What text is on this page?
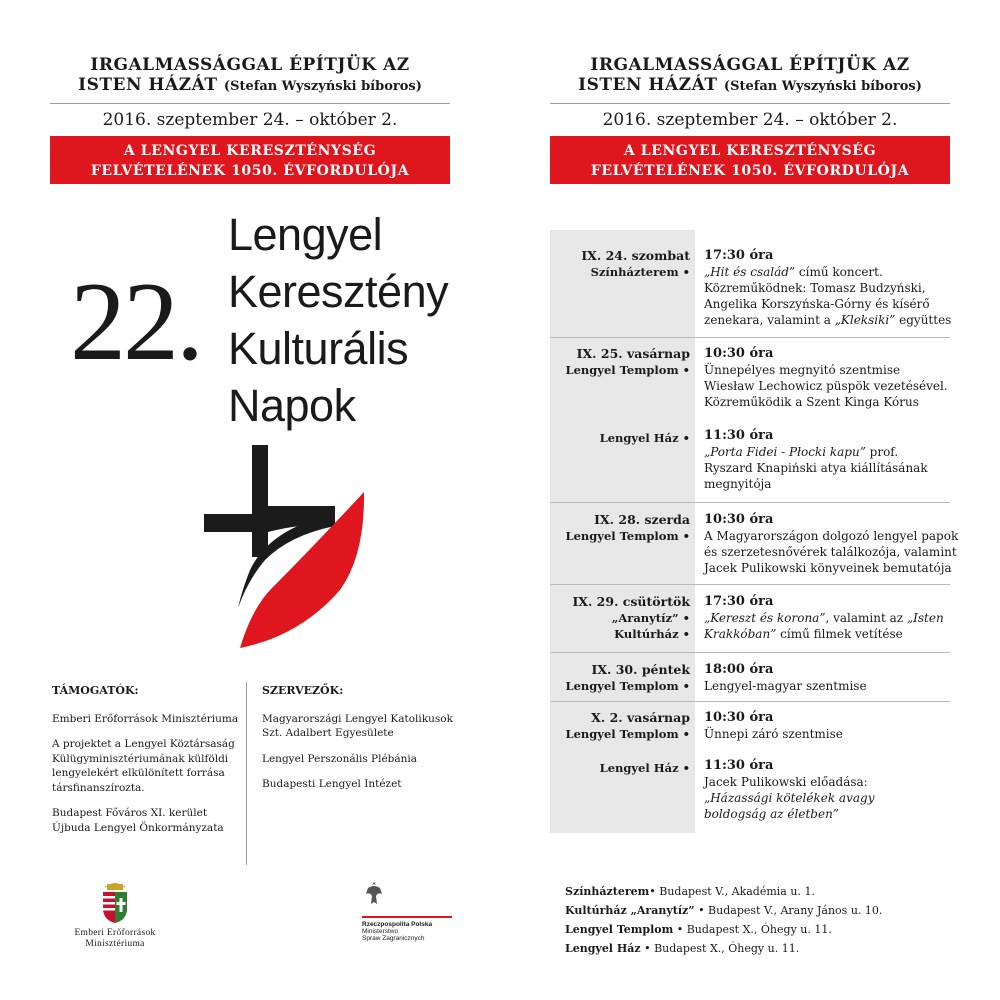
IRGALMASSÁGGAL ÉPÍTJÜK AZ
ISTEN HÁZÁT (Stefan Wyszyński bíboros)
2016. szeptember 24. – október 2.
A LENGYEL KERESZTÉNYSÉG
FELVÉTELÉNEK 1050. ÉVFORDULÓJA
22.
Lengyel
Keresztény
Kulturális
Napok
TÁMOGATÓK:
Emberi Erőforrások Minisztériuma
A projektet a Lengyel Köztársaság
Külügyminisztériumának külföldi
lengyelekért elkülönített forrása
társfinanszírozta.
Budapest Főváros XI. kerület
Újbuda Lengyel Önkormányzata
SZERVEZŐK:
Magyarországi Lengyel Katolikusok
Szt. Adalbert Egyesülete
Lengyel Perszonális Plébánia
Budapesti Lengyel Intézet
Emberi Erőforrások
Minisztériuma
Rzeczpospolita Polska
Ministerstwo
Spraw Zagranicznych
IRGALMASSÁGGAL ÉPÍTJÜK AZ
ISTEN HÁZÁT (Stefan Wyszyński bíboros)
2016. szeptember 24. – október 2.
A LENGYEL KERESZTÉNYSÉG
FELVÉTELÉNEK 1050. ÉVFORDULÓJA
IX. 24. szombat
Színházterem •
17:30 óra
„Hit és család” című koncert.
Közreműködnek: Tomasz Budzyński,
Angelika Korszyńska-Górny és kísérő
zenekara, valamint a „Kleksiki” együttes
IX. 25. vasárnap
Lengyel Templom •
10:30 óra
Ünnepélyes megnyitó szentmise
Wiesław Lechowicz püspök vezetésével.
Közreműködik a Szent Kinga Kórus
Lengyel Ház • 11:30 óra
„Porta Fidei - Płocki kapu” prof.
Ryszard Knapiński atya kiállításának
megnyitója
IX. 28. szerda
Lengyel Templom •
10:30 óra
A Magyarországon dolgozó lengyel papok
és szerzetesnővérek találkozója, valamint
Jacek Pulikowski könyveinek bemutatója
IX. 29. csütörtök
„Aranytíz” •
Kultúrház •
17:30 óra
„Kereszt és korona”, valamint az „Isten
Krakkóban” című filmek vetítése
IX. 30. péntek
Lengyel Templom •
18:00 óra
Lengyel-magyar szentmise
X. 2. vasárnap
Lengyel Templom •
10:30 óra
Ünnepi záró szentmise
Lengyel Ház • 11:30 óra
Jacek Pulikowski előadása:
„Házassági kötelékek avagy
boldogság az életben”
Színházterem• Budapest V., Akadémia u. 1.
Kultúrház „Aranytíz” • Budapest V., Arany János u. 10.
Lengyel Templom • Budapest X., Óhegy u. 11.
Lengyel Ház • Budapest X., Óhegy u. 11.
